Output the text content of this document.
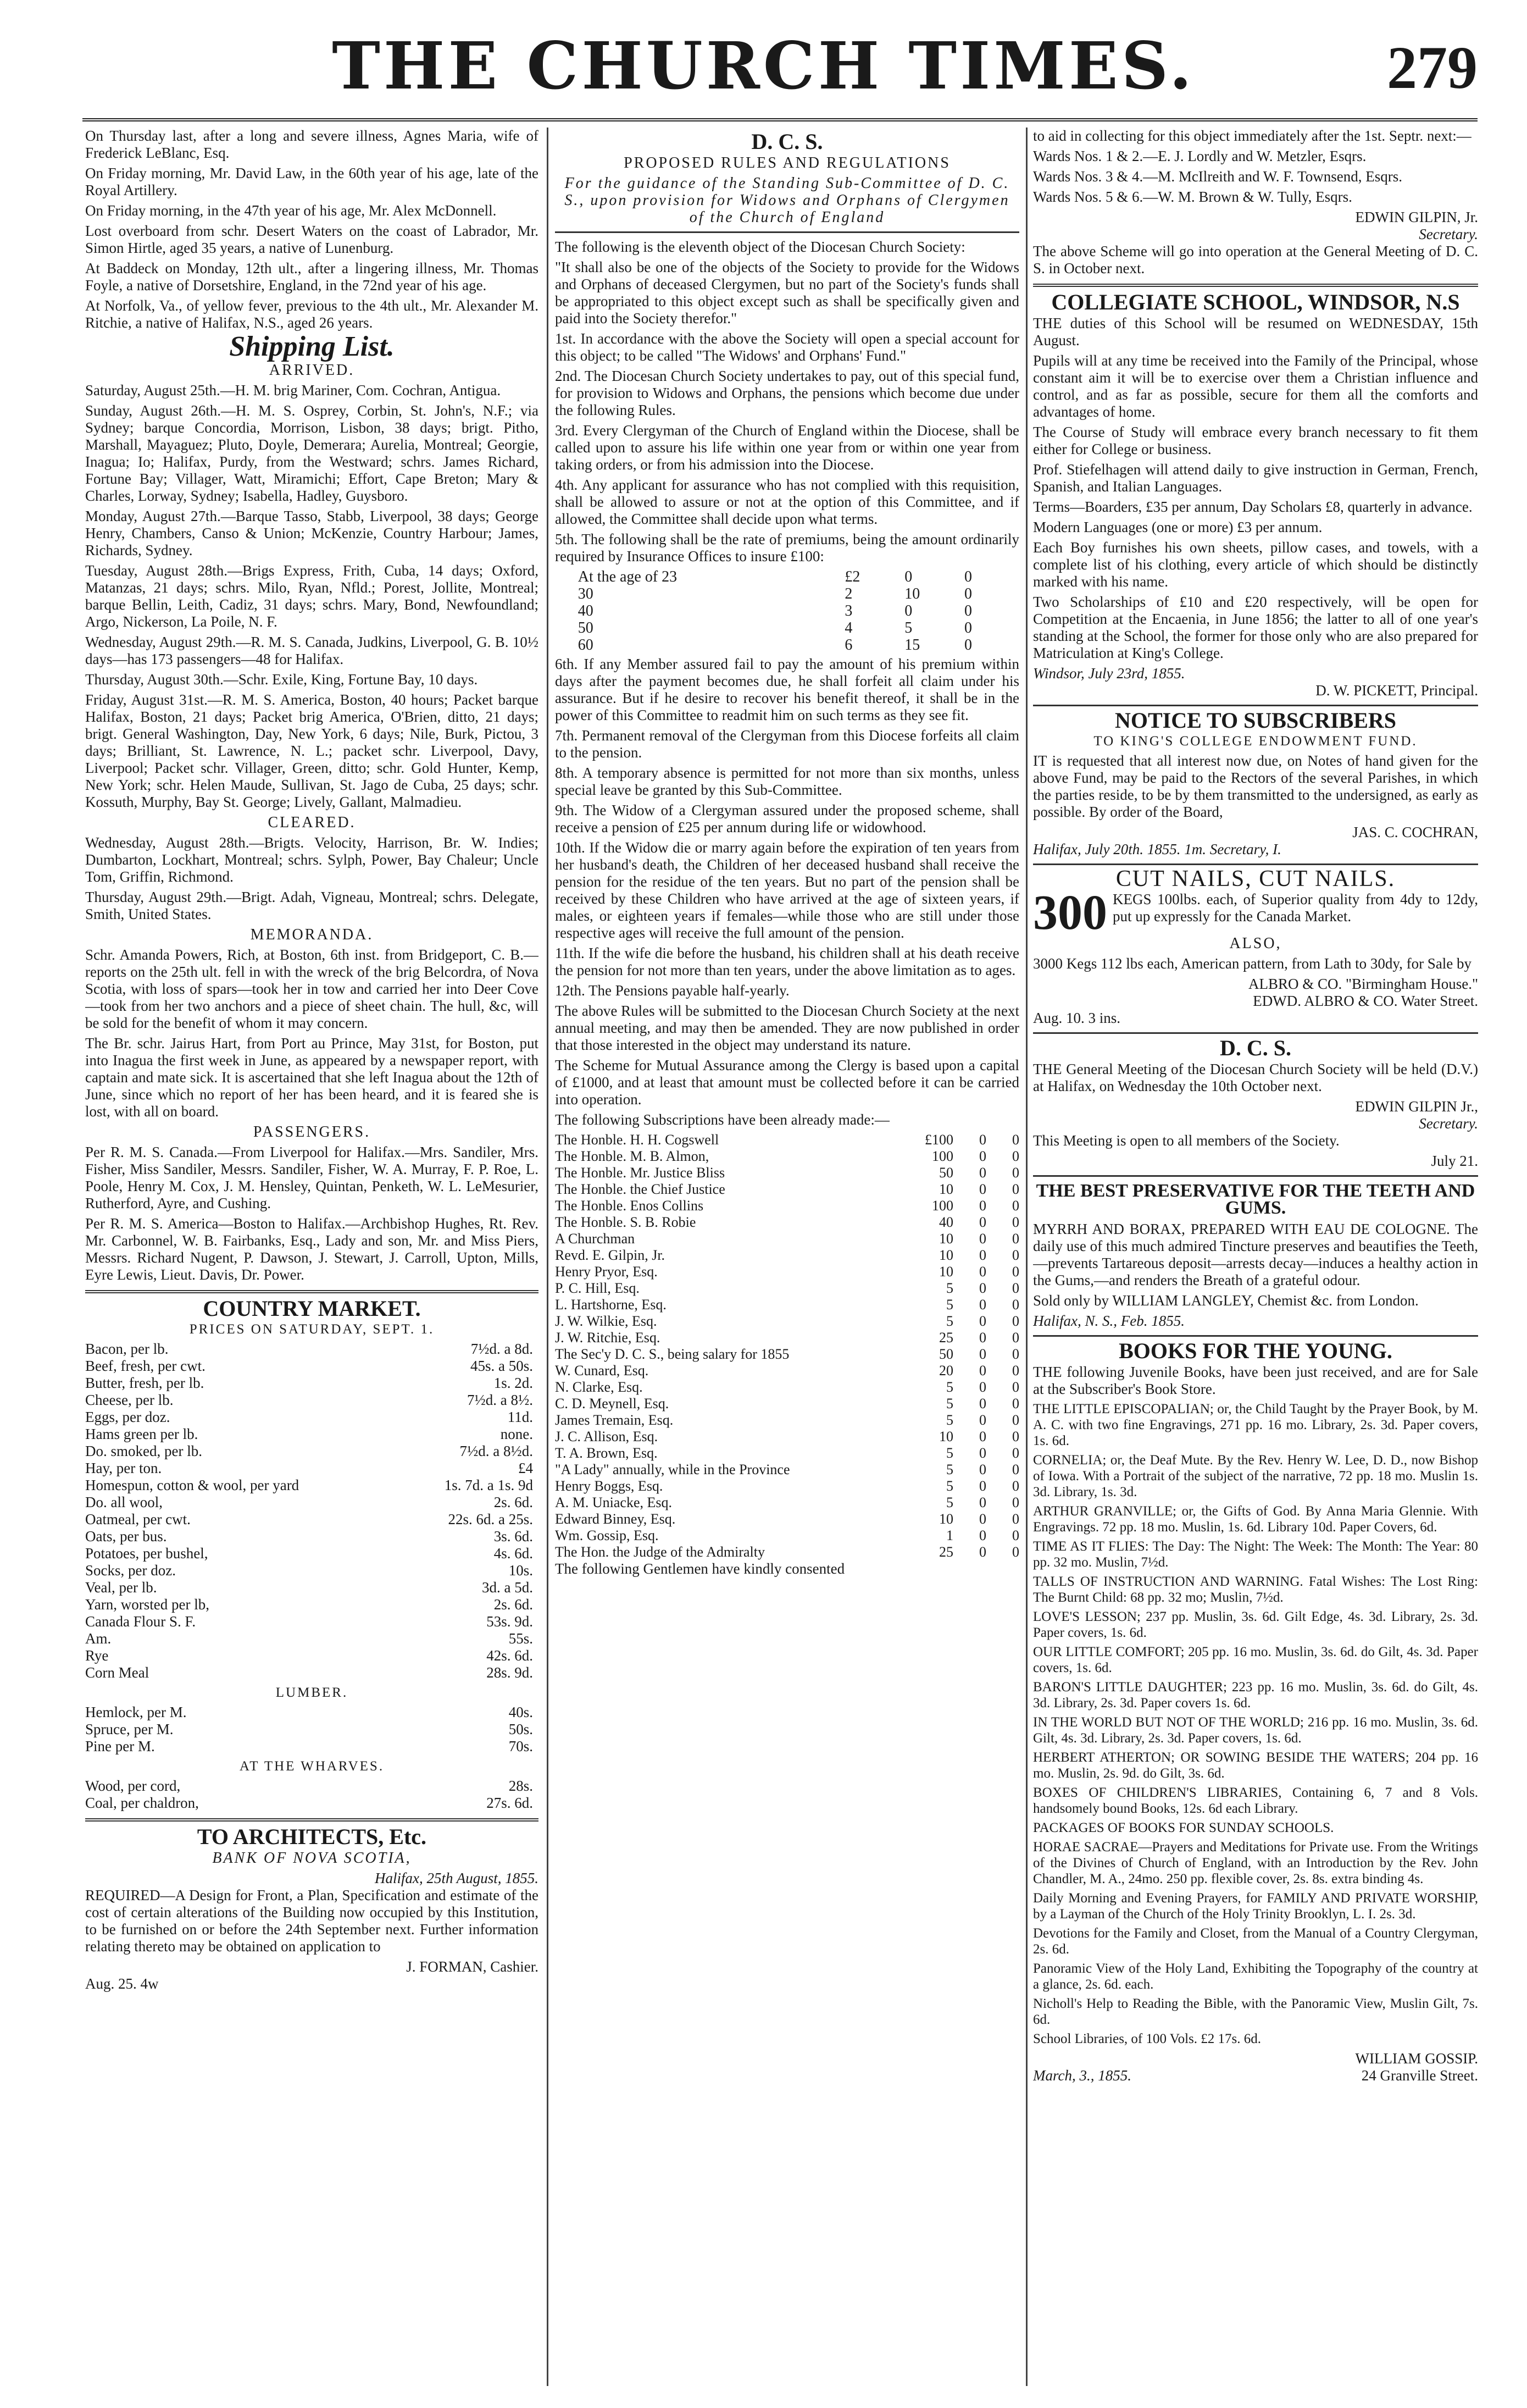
THE CHURCH TIMES.	279

On Thursday last, after a long and severe illness, Agnes Maria, wife of Frederick LeBlanc, Esq.

On Friday morning, Mr. David Law, in the 60th year of his age, late of the Royal Artillery.

On Friday morning, in the 47th year of his age, Mr. Alex McDonnell.

Lost overboard from schr. Desert Waters on the coast of Labrador, Mr. Simon Hirtle, aged 35 years, a native of Lunenburg.

At Baddeck on Monday, 12th ult., after a lingering illness, Mr. Thomas Foyle, a native of Dorsetshire, England, in the 72nd year of his age.

At Norfolk, Va., of yellow fever, previous to the 4th ult., Mr. Alexander M. Ritchie, a native of Halifax, N.S., aged 26 years.

Shipping List.
ARRIVED.

Saturday, August 25th.—H. M. brig Mariner, Com. Cochran, Antigua.

Sunday, August 26th.—H. M. S. Osprey, Corbin, St. John's, N.F.; via Sydney; barque Concordia, Morrison, Lisbon, 38 days; brigt. Pitho, Marshall, Mayaguez; Pluto, Doyle, Demerara; Aurelia, Montreal; Georgie, Inagua; Io; Halifax, Purdy, from the Westward; schrs. James Richard, Fortune Bay; Villager, Watt, Miramichi; Effort, Cape Breton; Mary & Charles, Lorway, Sydney; Isabella, Hadley, Guysboro.

Monday, August 27th.—Barque Tasso, Stabb, Liverpool, 38 days; George Henry, Chambers, Canso & Union; McKenzie, Country Harbour; James, Richards, Sydney.

Tuesday, August 28th.—Brigs Express, Frith, Cuba, 14 days; Oxford, Matanzas, 21 days; schrs. Milo, Ryan, Nfld.; Porest, Jollite, Montreal; barque Bellin, Leith, Cadiz, 31 days; schrs. Mary, Bond, Newfoundland; Argo, Nickerson, La Poile, N. F.

Wednesday, August 29th.—R. M. S. Canada, Judkins, Liverpool, G. B. 10½ days—has 173 passengers—48 for Halifax.

Thursday, August 30th.—Schr. Exile, King, Fortune Bay, 10 days.

Friday, August 31st.—R. M. S. America, Boston, 40 hours; Packet barque Halifax, Boston, 21 days; Packet brig America, O'Brien, ditto, 21 days; brigt. General Washington, Day, New York, 6 days; Nile, Burk, Pictou, 3 days; Brilliant, St. Lawrence, N. L.; packet schr. Liverpool, Davy, Liverpool; Packet schr. Villager, Green, ditto; schr. Gold Hunter, Kemp, New York; schr. Helen Maude, Sullivan, St. Jago de Cuba, 25 days; schr. Kossuth, Murphy, Bay St. George; Lively, Gallant, Malmadieu.

CLEARED.

Wednesday, August 28th.—Brigts. Velocity, Harrison, Br. W. Indies; Dumbarton, Lockhart, Montreal; schrs. Sylph, Power, Bay Chaleur; Uncle Tom, Griffin, Richmond.

Thursday, August 29th.—Brigt. Adah, Vigneau, Montreal; schrs. Delegate, Smith, United States.

MEMORANDA.

Schr. Amanda Powers, Rich, at Boston, 6th inst. from Bridgeport, C. B.—reports on the 25th ult. fell in with the wreck of the brig Belcordra, of Nova Scotia, with loss of spars—took her in tow and carried her into Deer Cove—took from her two anchors and a piece of sheet chain. The hull, &c, will be sold for the benefit of whom it may concern.

The Br. schr. Jairus Hart, from Port au Prince, May 31st, for Boston, put into Inagua the first week in June, as appeared by a newspaper report, with captain and mate sick. It is ascertained that she left Inagua about the 12th of June, since which no report of her has been heard, and it is feared she is lost, with all on board.

PASSENGERS.

Per R. M. S. Canada.—From Liverpool for Halifax.—Mrs. Sandiler, Mrs. Fisher, Miss Sandiler, Messrs. Sandiler, Fisher, W. A. Murray, F. P. Roe, L. Poole, Henry M. Cox, J. M. Hensley, Quintan, Penketh, W. L. LeMesurier, Rutherford, Ayre, and Cushing.

Per R. M. S. America—Boston to Halifax.—Archbishop Hughes, Rt. Rev. Mr. Carbonnel, W. B. Fairbanks, Esq., Lady and son, Mr. and Miss Piers, Messrs. Richard Nugent, P. Dawson, J. Stewart, J. Carroll, Upton, Mills, Eyre Lewis, Lieut. Davis, Dr. Power.

COUNTRY MARKET.
PRICES ON SATURDAY, SEPT. 1.
Bacon, per lb.	7½d. a 8d.
Beef, fresh, per cwt.	45s. a 50s.
Butter, fresh, per lb.	1s. 2d.
Cheese, per lb.	7½d. a 8½.
Eggs, per doz.	11d.
Hams green per lb.	none.
Do. smoked, per lb.	7½d. a 8½d.
Hay, per ton.	£4
Homespun, cotton & wool, per yard	1s. 7d. a 1s. 9d
Do. all wool,	2s. 6d.
Oatmeal, per cwt.	22s. 6d. a 25s.
Oats, per bus.	3s. 6d.
Potatoes, per bushel,	4s. 6d.
Socks, per doz.	10s.
Veal, per lb.	3d. a 5d.
Yarn, worsted per lb,	2s. 6d.
Canada Flour S. F.	53s. 9d.
Am.	55s.
Rye	42s. 6d.
Corn Meal	28s. 9d.
LUMBER.
Hemlock, per M.	40s.
Spruce, per M.	50s.
Pine per M.	70s.
AT THE WHARVES.
Wood, per cord,	28s.
Coal, per chaldron,	27s. 6d.
TO ARCHITECTS, Etc.
BANK OF NOVA SCOTIA,
Halifax, 25th August, 1855.

REQUIRED—A Design for Front, a Plan, Specification and estimate of the cost of certain alterations of the Building now occupied by this Institution, to be furnished on or before the 24th September next. Further information relating thereto may be obtained on application to

J. FORMAN, Cashier.
Aug. 25. 4w
D. C. S.
PROPOSED RULES AND REGULATIONS
For the guidance of the Standing Sub-Committee of D. C. S., upon provision for Widows and Orphans of Clergymen of the Church of England

The following is the eleventh object of the Diocesan Church Society:

"It shall also be one of the objects of the Society to provide for the Widows and Orphans of deceased Clergymen, but no part of the Society's funds shall be appropriated to this object except such as shall be specifically given and paid into the Society therefor."

1st. In accordance with the above the Society will open a special account for this object; to be called "The Widows' and Orphans' Fund."

2nd. The Diocesan Church Society undertakes to pay, out of this special fund, for provision to Widows and Orphans, the pensions which become due under the following Rules.

3rd. Every Clergyman of the Church of England within the Diocese, shall be called upon to assure his life within one year from or within one year from taking orders, or from his admission into the Diocese.

4th. Any applicant for assurance who has not complied with this requisition, shall be allowed to assure or not at the option of this Committee, and if allowed, the Committee shall decide upon what terms.

5th. The following shall be the rate of premiums, being the amount ordinarily required by Insurance Offices to insure £100:

At the age of 23	£2	0	0
30	2	10	0
40	3	0	0
50	4	5	0
60	6	15	0

6th. If any Member assured fail to pay the amount of his premium within days after the payment becomes due, he shall forfeit all claim under his assurance. But if he desire to recover his benefit thereof, it shall be in the power of this Committee to readmit him on such terms as they see fit.

7th. Permanent removal of the Clergyman from this Diocese forfeits all claim to the pension.

8th. A temporary absence is permitted for not more than six months, unless special leave be granted by this Sub-Committee.

9th. The Widow of a Clergyman assured under the proposed scheme, shall receive a pension of £25 per annum during life or widowhood.

10th. If the Widow die or marry again before the expiration of ten years from her husband's death, the Children of her deceased husband shall receive the pension for the residue of the ten years. But no part of the pension shall be received by these Children who have arrived at the age of sixteen years, if males, or eighteen years if females—while those who are still under those respective ages will receive the full amount of the pension.

11th. If the wife die before the husband, his children shall at his death receive the pension for not more than ten years, under the above limitation as to ages.

12th. The Pensions payable half-yearly.

The above Rules will be submitted to the Diocesan Church Society at the next annual meeting, and may then be amended. They are now published in order that those interested in the object may understand its nature.

The Scheme for Mutual Assurance among the Clergy is based upon a capital of £1000, and at least that amount must be collected before it can be carried into operation.

The following Subscriptions have been already made:—

The Honble. H. H. Cogswell	£100	0	0
The Honble. M. B. Almon,	100	0	0
The Honble. Mr. Justice Bliss	50	0	0
The Honble. the Chief Justice	10	0	0
The Honble. Enos Collins	100	0	0
The Honble. S. B. Robie	40	0	0
A Churchman	10	0	0
Revd. E. Gilpin, Jr.	10	0	0
Henry Pryor, Esq.	10	0	0
P. C. Hill, Esq.	5	0	0
L. Hartshorne, Esq.	5	0	0
J. W. Wilkie, Esq.	5	0	0
J. W. Ritchie, Esq.	25	0	0
The Sec'y D. C. S., being salary for 1855	50	0	0
W. Cunard, Esq.	20	0	0
N. Clarke, Esq.	5	0	0
C. D. Meynell, Esq.	5	0	0
James Tremain, Esq.	5	0	0
J. C. Allison, Esq.	10	0	0
T. A. Brown, Esq.	5	0	0
"A Lady" annually, while in the Province	5	0	0
Henry Boggs, Esq.	5	0	0
A. M. Uniacke, Esq.	5	0	0
Edward Binney, Esq.	10	0	0
Wm. Gossip, Esq.	1	0	0
The Hon. the Judge of the Admiralty	25	0	0

The following Gentlemen have kindly consented

to aid in collecting for this object immediately after the 1st. Septr. next:—

Wards Nos. 1 & 2.—E. J. Lordly and W. Metzler, Esqrs.

Wards Nos. 3 & 4.—M. McIlreith and W. F. Townsend, Esqrs.

Wards Nos. 5 & 6.—W. M. Brown & W. Tully, Esqrs.

EDWIN GILPIN, Jr.
Secretary.

The above Scheme will go into operation at the General Meeting of D. C. S. in October next.

COLLEGIATE SCHOOL, WINDSOR, N.S

THE duties of this School will be resumed on WEDNESDAY, 15th August.

Pupils will at any time be received into the Family of the Principal, whose constant aim it will be to exercise over them a Christian influence and control, and as far as possible, secure for them all the comforts and advantages of home.

The Course of Study will embrace every branch necessary to fit them either for College or business.

Prof. Stiefelhagen will attend daily to give instruction in German, French, Spanish, and Italian Languages.

Terms—Boarders, £35 per annum, Day Scholars £8, quarterly in advance.

Modern Languages (one or more) £3 per annum.

Each Boy furnishes his own sheets, pillow cases, and towels, with a complete list of his clothing, every article of which should be distinctly marked with his name.

Two Scholarships of £10 and £20 respectively, will be open for Competition at the Encaenia, in June 1856; the latter to all of one year's standing at the School, the former for those only who are also prepared for Matriculation at King's College.

Windsor, July 23rd, 1855.
D. W. PICKETT, Principal.
NOTICE TO SUBSCRIBERS
TO KING'S COLLEGE ENDOWMENT FUND.

IT is requested that all interest now due, on Notes of hand given for the above Fund, may be paid to the Rectors of the several Parishes, in which the parties reside, to be by them transmitted to the undersigned, as early as possible. By order of the Board,

JAS. C. COCHRAN,
Halifax, July 20th. 1855. 1m. Secretary, I.
CUT NAILS, CUT NAILS.
300 KEGS 100lbs. each, of Superior quality from 4dy to 12dy, put up expressly for the Canada Market.

ALSO,

3000 Kegs 112 lbs each, American pattern, from Lath to 30dy, for Sale by

ALBRO & CO. "Birmingham House."
EDWD. ALBRO & CO. Water Street.
Aug. 10. 3 ins.
D. C. S.

THE General Meeting of the Diocesan Church Society will be held (D.V.) at Halifax, on Wednesday the 10th October next.

EDWIN GILPIN Jr.,
Secretary.

This Meeting is open to all members of the Society.

July 21.
THE BEST PRESERVATIVE FOR THE TEETH AND GUMS.

MYRRH AND BORAX, PREPARED WITH EAU DE COLOGNE. The daily use of this much admired Tincture preserves and beautifies the Teeth,—prevents Tartareous deposit—arrests decay—induces a healthy action in the Gums,—and renders the Breath of a grateful odour.

Sold only by WILLIAM LANGLEY, Chemist &c. from London.

Halifax, N. S., Feb. 1855.
BOOKS FOR THE YOUNG.

THE following Juvenile Books, have been just received, and are for Sale at the Subscriber's Book Store.

THE LITTLE EPISCOPALIAN; or, the Child Taught by the Prayer Book, by M. A. C. with two fine Engravings, 271 pp. 16 mo. Library, 2s. 3d. Paper covers, 1s. 6d.

CORNELIA; or, the Deaf Mute. By the Rev. Henry W. Lee, D. D., now Bishop of Iowa. With a Portrait of the subject of the narrative, 72 pp. 18 mo. Muslin 1s. 3d. Library, 1s. 3d.

ARTHUR GRANVILLE; or, the Gifts of God. By Anna Maria Glennie. With Engravings. 72 pp. 18 mo. Muslin, 1s. 6d. Library 10d. Paper Covers, 6d.

TIME AS IT FLIES: The Day: The Night: The Week: The Month: The Year: 80 pp. 32 mo. Muslin, 7½d.

TALLS OF INSTRUCTION AND WARNING. Fatal Wishes: The Lost Ring: The Burnt Child: 68 pp. 32 mo; Muslin, 7½d.

LOVE'S LESSON; 237 pp. Muslin, 3s. 6d. Gilt Edge, 4s. 3d. Library, 2s. 3d. Paper covers, 1s. 6d.

OUR LITTLE COMFORT; 205 pp. 16 mo. Muslin, 3s. 6d. do Gilt, 4s. 3d. Paper covers, 1s. 6d.

BARON'S LITTLE DAUGHTER; 223 pp. 16 mo. Muslin, 3s. 6d. do Gilt, 4s. 3d. Library, 2s. 3d. Paper covers 1s. 6d.

IN THE WORLD BUT NOT OF THE WORLD; 216 pp. 16 mo. Muslin, 3s. 6d. Gilt, 4s. 3d. Library, 2s. 3d. Paper covers, 1s. 6d.

HERBERT ATHERTON; OR SOWING BESIDE THE WATERS; 204 pp. 16 mo. Muslin, 2s. 9d. do Gilt, 3s. 6d.

BOXES OF CHILDREN'S LIBRARIES, Containing 6, 7 and 8 Vols. handsomely bound Books, 12s. 6d each Library.

PACKAGES OF BOOKS FOR SUNDAY SCHOOLS.

HORAE SACRAE—Prayers and Meditations for Private use. From the Writings of the Divines of Church of England, with an Introduction by the Rev. John Chandler, M. A., 24mo. 250 pp. flexible cover, 2s. 8s. extra binding 4s.

Daily Morning and Evening Prayers, for FAMILY AND PRIVATE WORSHIP, by a Layman of the Church of the Holy Trinity Brooklyn, L. I. 2s. 3d.

Devotions for the Family and Closet, from the Manual of a Country Clergyman, 2s. 6d.

Panoramic View of the Holy Land, Exhibiting the Topography of the country at a glance, 2s. 6d. each.

Nicholl's Help to Reading the Bible, with the Panoramic View, Muslin Gilt, 7s. 6d.

School Libraries, of 100 Vols. £2 17s. 6d.

WILLIAM GOSSIP.
March, 3., 1855.	24 Granville Street.
